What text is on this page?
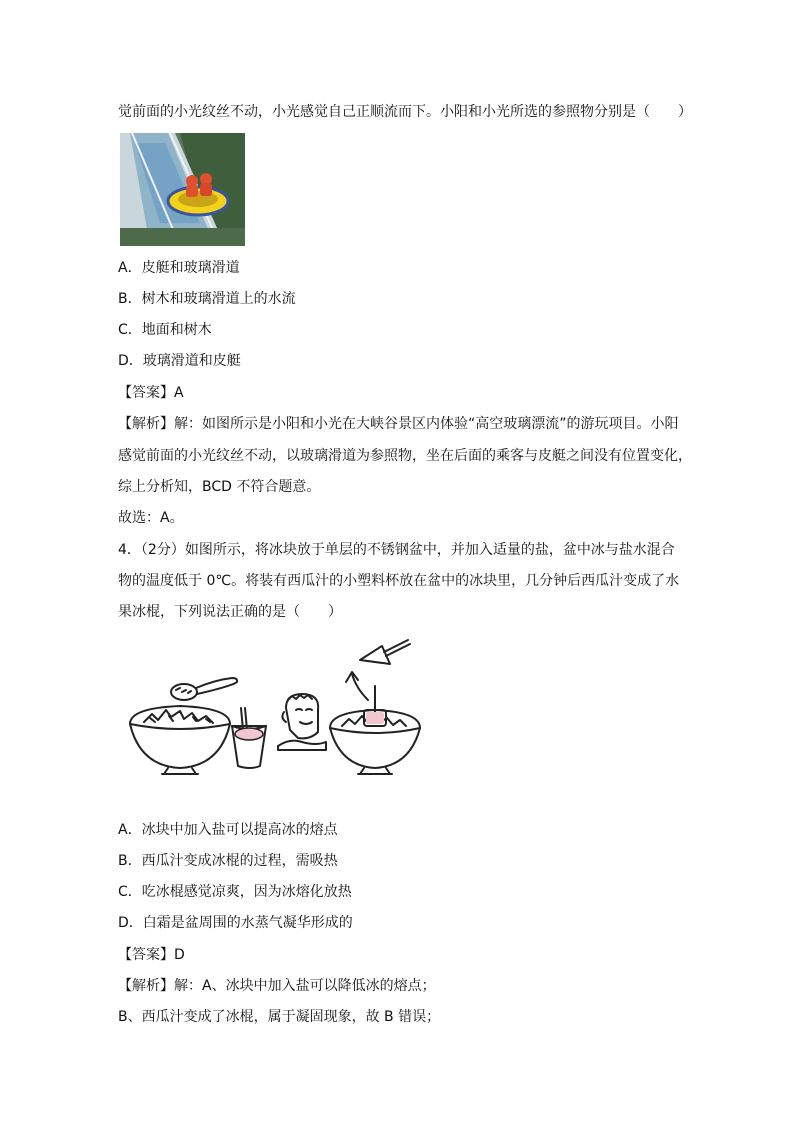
觉前面的小光纹丝不动，小光感觉自己正顺流而下。小阳和小光所选的参照物分别是（　　）
A．皮艇和玻璃滑道
B．树木和玻璃滑道上的水流
C．地面和树木
D．玻璃滑道和皮艇
【答案】A
【解析】解：如图所示是小阳和小光在大峡谷景区内体验“高空玻璃漂流”的游玩项目。小阳
感觉前面的小光纹丝不动，以玻璃滑道为参照物，坐在后面的乘客与皮艇之间没有位置变化，
综上分析知，BCD 不符合题意。
故选：A。
4．（2分）如图所示，将冰块放于单层的不锈钢盆中，并加入适量的盐，盆中冰与盐水混合
物的温度低于 0℃。将装有西瓜汁的小塑料杯放在盆中的冰块里，几分钟后西瓜汁变成了水
果冰棍，下列说法正确的是（　　）
A．冰块中加入盐可以提高冰的熔点
B．西瓜汁变成冰棍的过程，需吸热
C．吃冰棍感觉凉爽，因为冰熔化放热
D．白霜是盆周围的水蒸气凝华形成的
【答案】D
【解析】解：A、冰块中加入盐可以降低冰的熔点；
B、西瓜汁变成了冰棍，属于凝固现象，故 B 错误；
